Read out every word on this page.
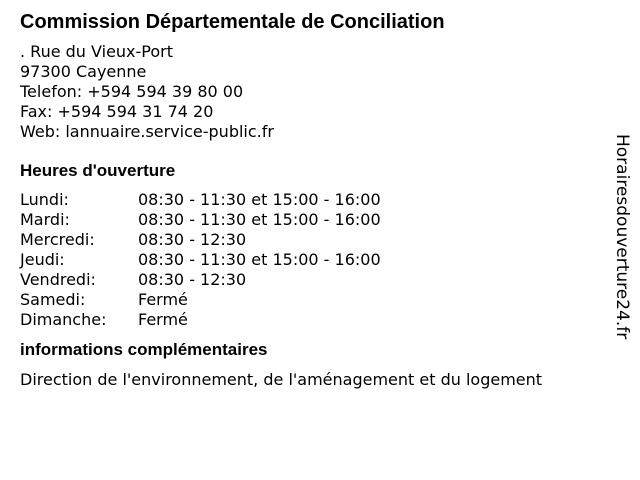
Commission Départementale de Conciliation
. Rue du Vieux-Port
97300 Cayenne
Telefon: +594 594 39 80 00
Fax: +594 594 31 74 20
Web: lannuaire.service-public.fr
Heures d'ouverture
Lundi:	08:30 - 11:30 et 15:00 - 16:00
Mardi:	08:30 - 11:30 et 15:00 - 16:00
Mercredi:	08:30 - 12:30
Jeudi:	08:30 - 11:30 et 15:00 - 16:00
Vendredi:	08:30 - 12:30
Samedi:	Fermé
Dimanche:	Fermé
informations complémentaires
Direction de l'environnement, de l'aménagement et du logement
Horairesdouverture24.fr
